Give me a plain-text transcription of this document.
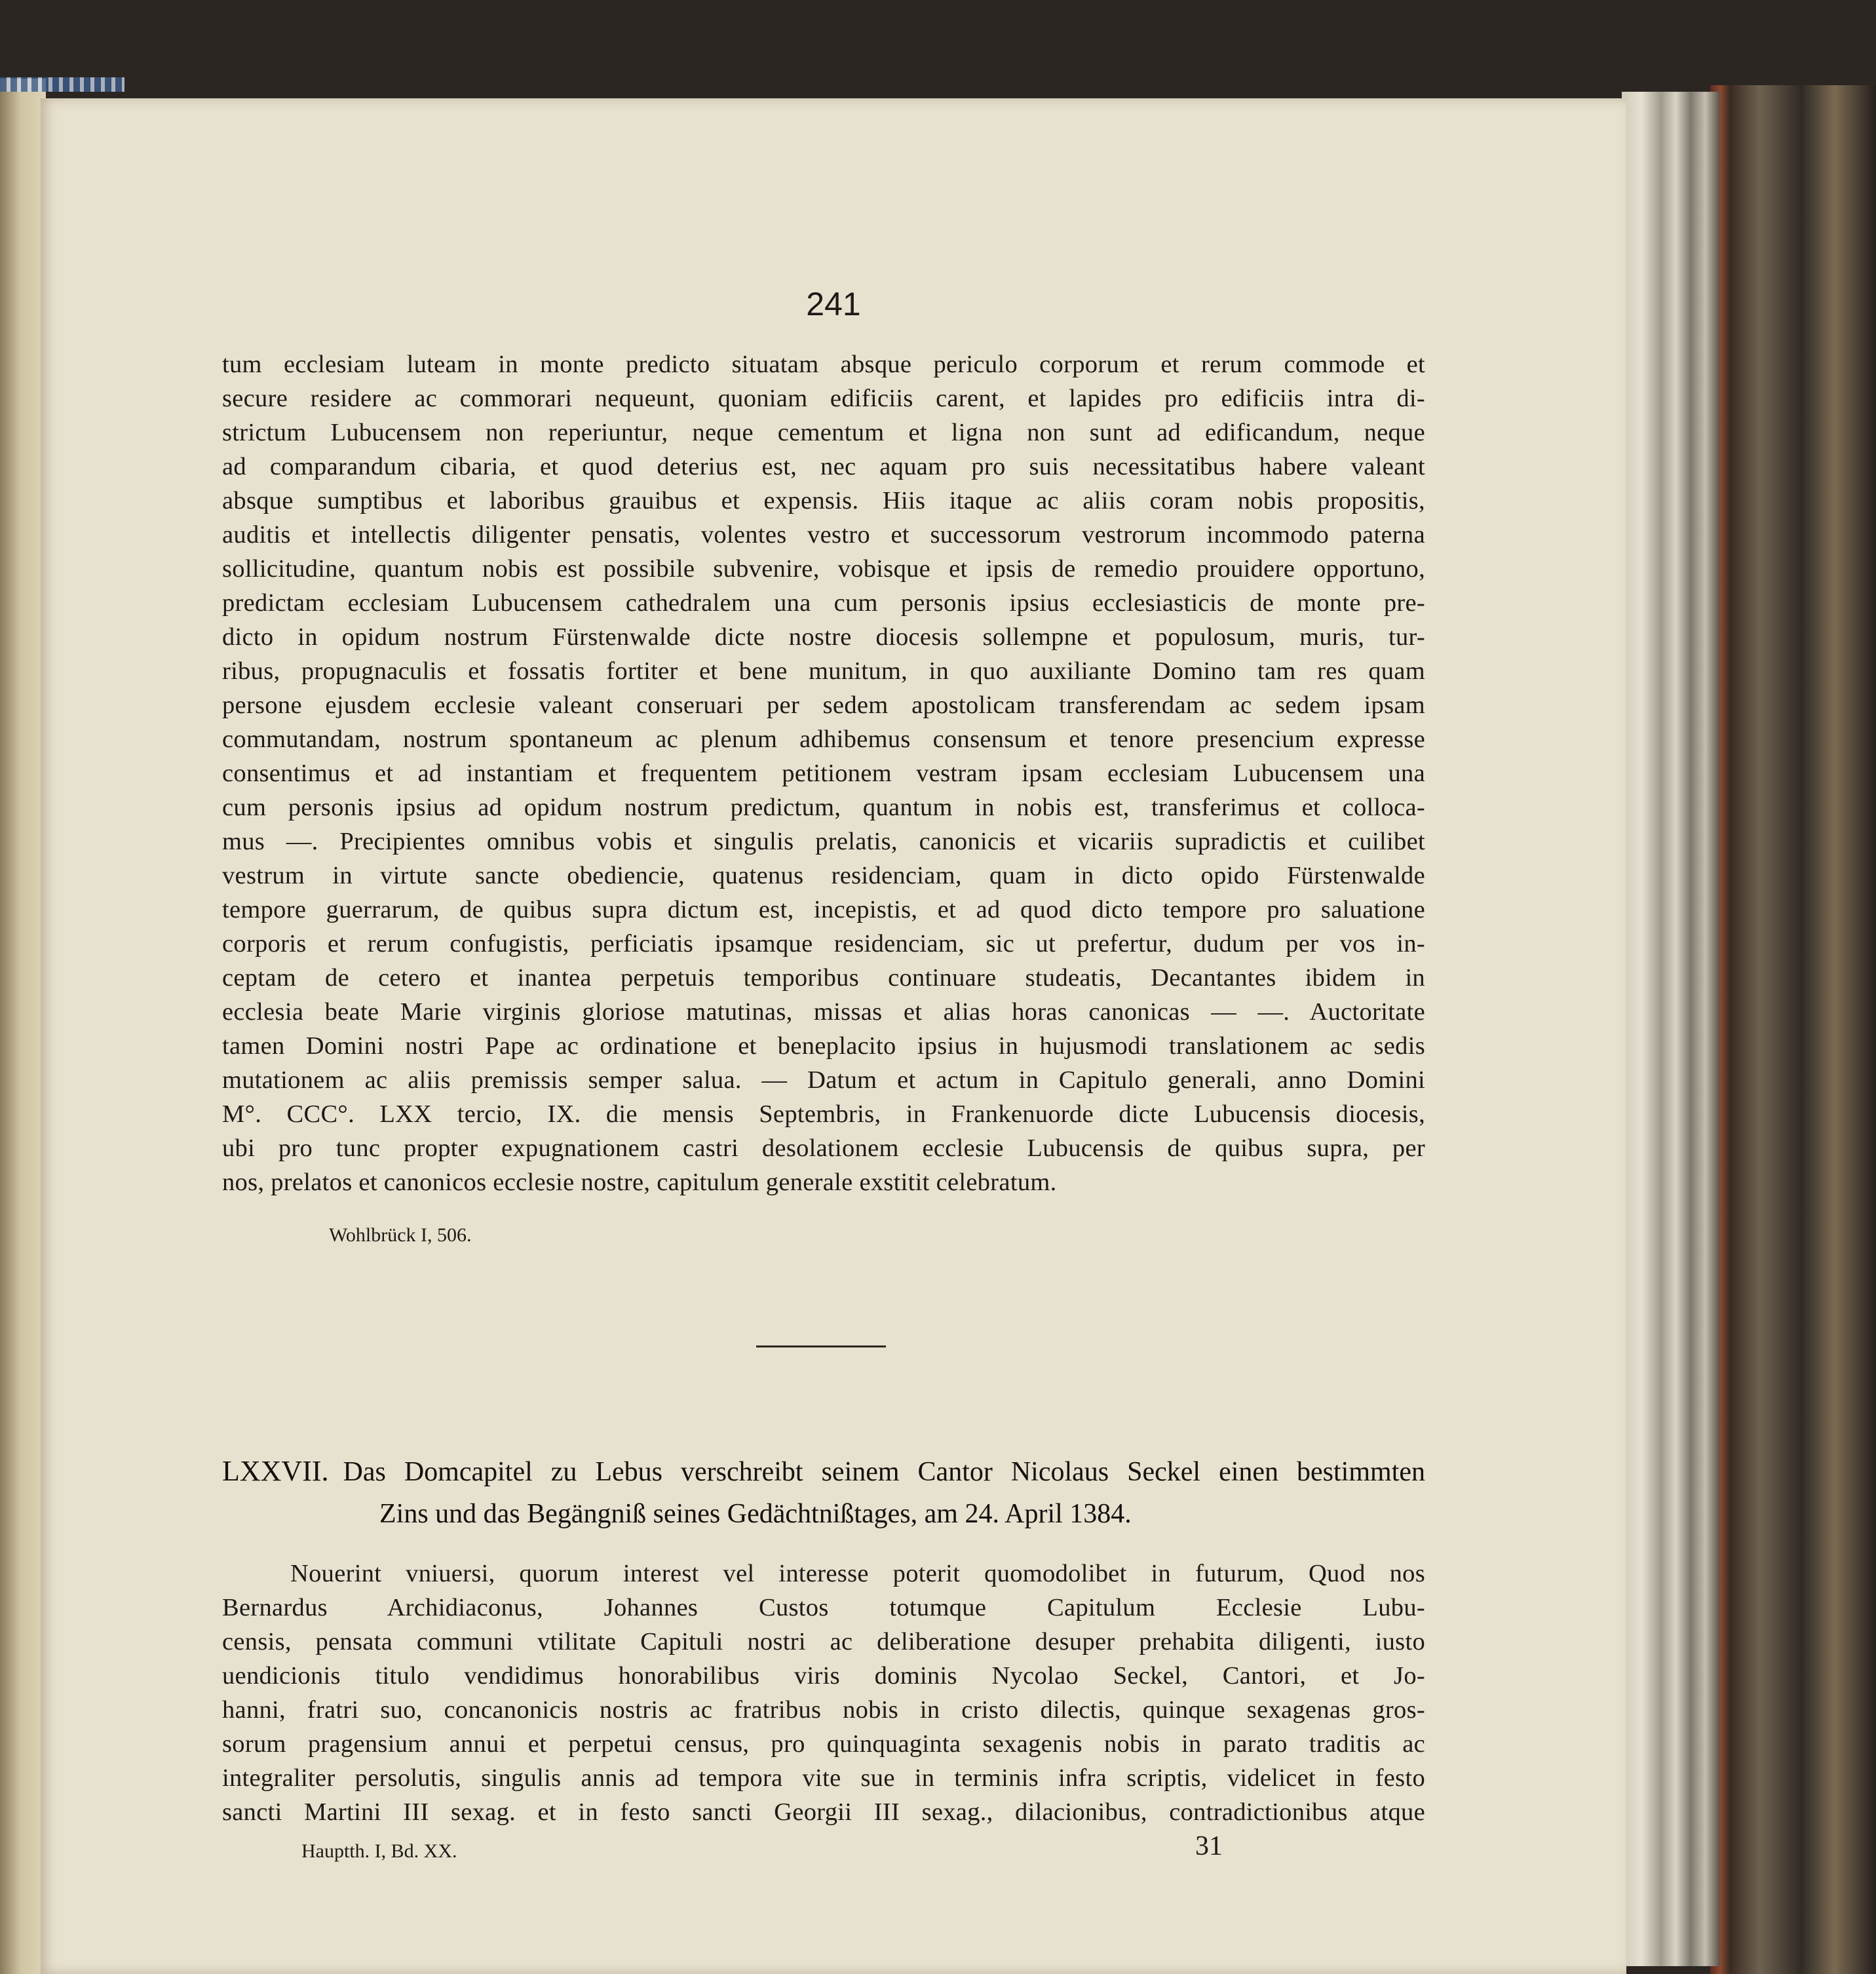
241
tum ecclesiam luteam in monte predicto situatam absque periculo corporum et rerum commode et
secure residere ac commorari nequeunt, quoniam edificiis carent, et lapides pro edificiis intra di-
strictum Lubucensem non reperiuntur, neque cementum et ligna non sunt ad edificandum, neque
ad comparandum cibaria, et quod deterius est, nec aquam pro suis necessitatibus habere valeant
absque sumptibus et laboribus grauibus et expensis. Hiis itaque ac aliis coram nobis propositis,
auditis et intellectis diligenter pensatis, volentes vestro et successorum vestrorum incommodo paterna
sollicitudine, quantum nobis est possibile subvenire, vobisque et ipsis de remedio prouidere opportuno,
predictam ecclesiam Lubucensem cathedralem una cum personis ipsius ecclesiasticis de monte pre-
dicto in opidum nostrum Fürstenwalde dicte nostre diocesis sollempne et populosum, muris, tur-
ribus, propugnaculis et fossatis fortiter et bene munitum, in quo auxiliante Domino tam res quam
persone ejusdem ecclesie valeant conseruari per sedem apostolicam transferendam ac sedem ipsam
commutandam, nostrum spontaneum ac plenum adhibemus consensum et tenore presencium expresse
consentimus et ad instantiam et frequentem petitionem vestram ipsam ecclesiam Lubucensem una
cum personis ipsius ad opidum nostrum predictum, quantum in nobis est, transferimus et colloca-
mus —. Precipientes omnibus vobis et singulis prelatis, canonicis et vicariis supradictis et cuilibet
vestrum in virtute sancte obediencie, quatenus residenciam, quam in dicto opido Fürstenwalde
tempore guerrarum, de quibus supra dictum est, incepistis, et ad quod dicto tempore pro saluatione
corporis et rerum confugistis, perficiatis ipsamque residenciam, sic ut prefertur, dudum per vos in-
ceptam de cetero et inantea perpetuis temporibus continuare studeatis, Decantantes ibidem in
ecclesia beate Marie virginis gloriose matutinas, missas et alias horas canonicas — —. Auctoritate
tamen Domini nostri Pape ac ordinatione et beneplacito ipsius in hujusmodi translationem ac sedis
mutationem ac aliis premissis semper salua. — Datum et actum in Capitulo generali, anno Domini
M°. CCC°. LXX tercio, IX. die mensis Septembris, in Frankenuorde dicte Lubucensis diocesis,
ubi pro tunc propter expugnationem castri desolationem ecclesie Lubucensis de quibus supra, per
nos, prelatos et canonicos ecclesie nostre, capitulum generale exstitit celebratum.
Wohlbrück I, 506.
LXXVII. Das Domcapitel zu Lebus verschreibt seinem Cantor Nicolaus Seckel einen bestimmten
Zins und das Begängniß seines Gedächtnißtages, am 24. April 1384.
Nouerint vniuersi, quorum interest vel interesse poterit quomodolibet in futurum, Quod nos
Bernardus Archidiaconus, Johannes Custos totumque Capitulum Ecclesie Lubu-
censis, pensata communi vtilitate Capituli nostri ac deliberatione desuper prehabita diligenti, iusto
uendicionis titulo vendidimus honorabilibus viris dominis Nycolao Seckel, Cantori, et Jo-
hanni, fratri suo, concanonicis nostris ac fratribus nobis in cristo dilectis, quinque sexagenas gros-
sorum pragensium annui et perpetui census, pro quinquaginta sexagenis nobis in parato traditis ac
integraliter persolutis, singulis annis ad tempora vite sue in terminis infra scriptis, videlicet in festo
sancti Martini III sexag. et in festo sancti Georgii III sexag., dilacionibus, contradictionibus atque
Hauptth. I, Bd. XX.	31
